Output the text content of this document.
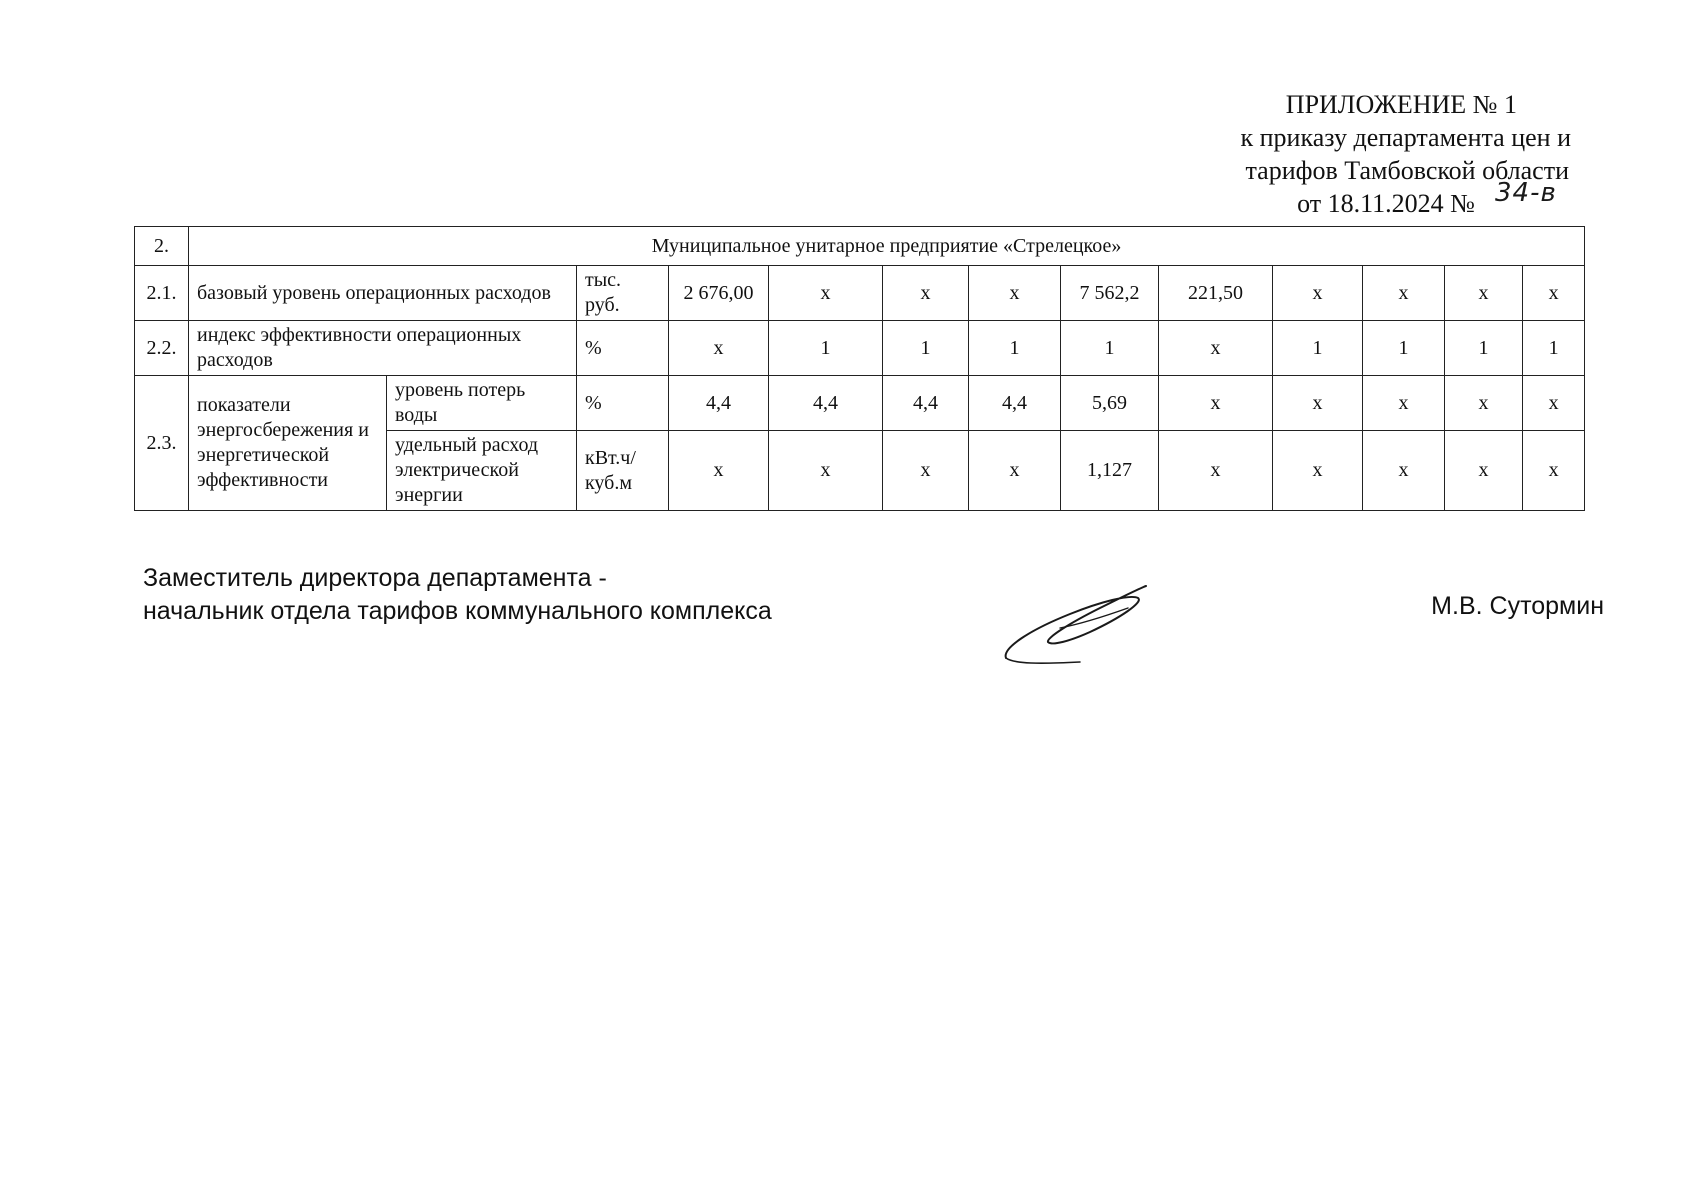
ПРИЛОЖЕНИЕ № 1
к приказу департамента цен и
тарифов Тамбовской области
от 18.11.2024 № 34-в
2.	Муниципальное унитарное предприятие «Стрелецкое»												
2.1.	базовый уровень операционных расходов		тыс. руб.	2 676,00	х	х	х	7 562,2	221,50	х	х	х	х
2.2.	индекс эффективности операционных расходов		%	х	1	1	1	1	х	1	1	1	1
2.3.	показатели энергосбережения и энергетической эффективности	уровень потерь воды	%	4,4	4,4	4,4	4,4	5,69	х	х	х	х	х
		удельный расход электрической энергии	кВт.ч/ куб.м	х	х	х	х	1,127	х	х	х	х	х
Заместитель директора департамента -
начальник отдела тарифов коммунального комплекса	М.В. Сутормин
